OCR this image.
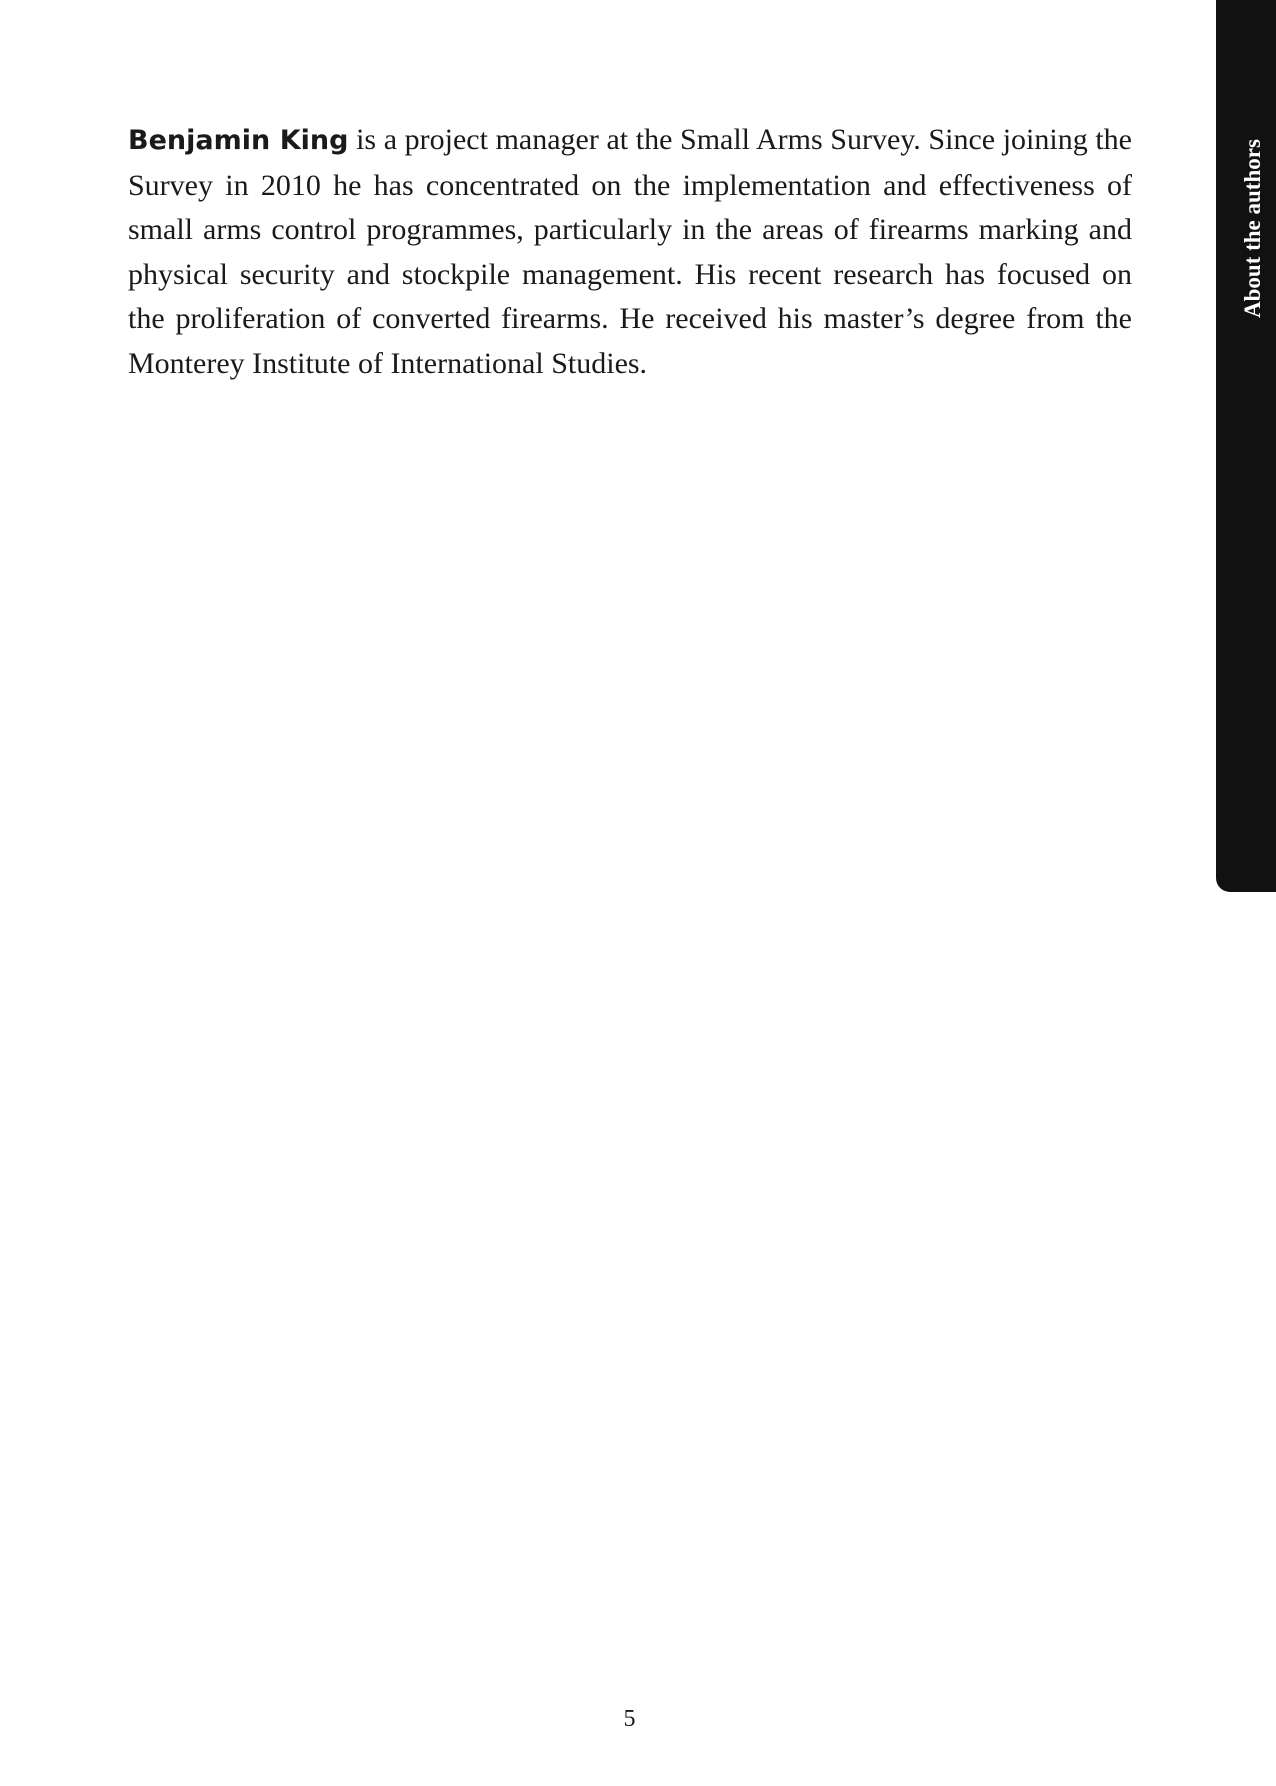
Benjamin King is a project manager at the Small Arms Survey. Since joining the Survey in 2010 he has concentrated on the implementation and effectiveness of small arms control programmes, particularly in the areas of firearms marking and physical security and stockpile management. His recent research has focused on the proliferation of converted firearms. He received his master’s degree from the Monterey Institute of International Studies.

About the authors
5
